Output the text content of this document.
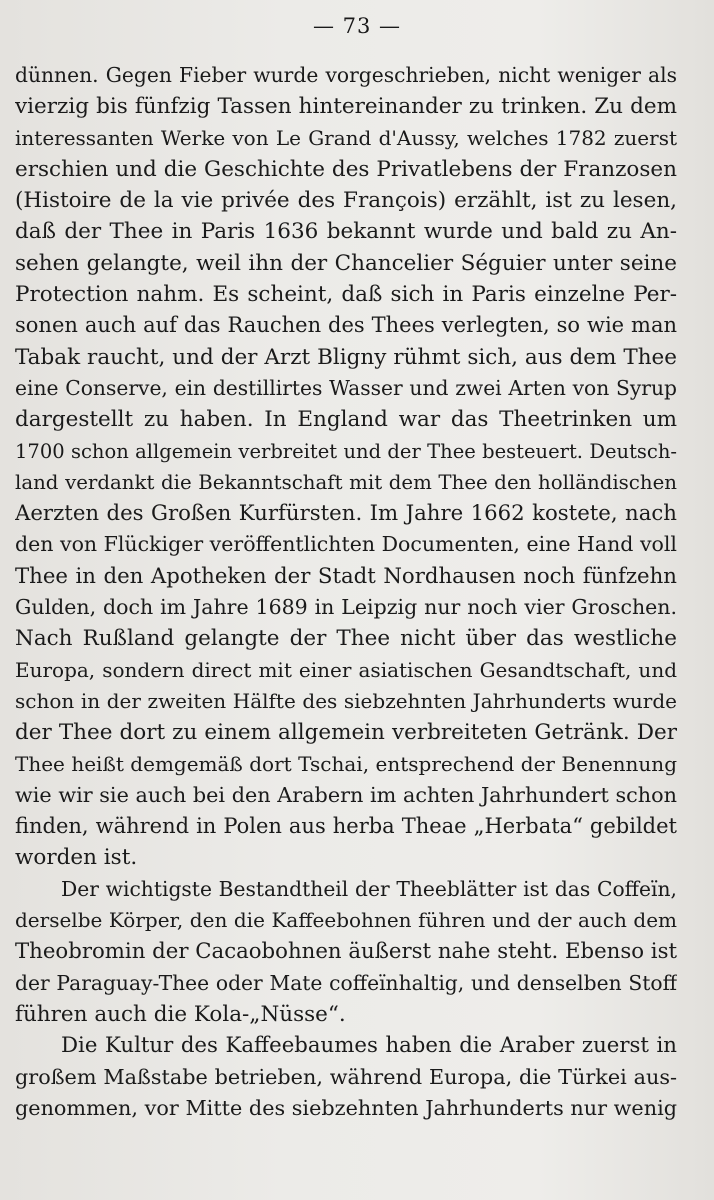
— 73 —
dünnen. Gegen Fieber wurde vorgeschrieben, nicht weniger als
vierzig bis fünfzig Tassen hintereinander zu trinken. Zu dem
interessanten Werke von Le Grand d'Aussy, welches 1782 zuerst
erschien und die Geschichte des Privatlebens der Franzosen
(Histoire de la vie privée des François) erzählt, ist zu lesen,
daß der Thee in Paris 1636 bekannt wurde und bald zu An-
sehen gelangte, weil ihn der Chancelier Séguier unter seine
Protection nahm. Es scheint, daß sich in Paris einzelne Per-
sonen auch auf das Rauchen des Thees verlegten, so wie man
Tabak raucht, und der Arzt Bligny rühmt sich, aus dem Thee
eine Conserve, ein destillirtes Wasser und zwei Arten von Syrup
dargestellt zu haben. In England war das Theetrinken um
1700 schon allgemein verbreitet und der Thee besteuert. Deutsch-
land verdankt die Bekanntschaft mit dem Thee den holländischen
Aerzten des Großen Kurfürsten. Im Jahre 1662 kostete, nach
den von Flückiger veröffentlichten Documenten, eine Hand voll
Thee in den Apotheken der Stadt Nordhausen noch fünfzehn
Gulden, doch im Jahre 1689 in Leipzig nur noch vier Groschen.
Nach Rußland gelangte der Thee nicht über das westliche
Europa, sondern direct mit einer asiatischen Gesandtschaft, und
schon in der zweiten Hälfte des siebzehnten Jahrhunderts wurde
der Thee dort zu einem allgemein verbreiteten Getränk. Der
Thee heißt demgemäß dort Tschai, entsprechend der Benennung
wie wir sie auch bei den Arabern im achten Jahrhundert schon
finden, während in Polen aus herba Theae „Herbata“ gebildet
worden ist.
Der wichtigste Bestandtheil der Theeblätter ist das Coffeïn,
derselbe Körper, den die Kaffeebohnen führen und der auch dem
Theobromin der Cacaobohnen äußerst nahe steht. Ebenso ist
der Paraguay-Thee oder Mate coffeïnhaltig, und denselben Stoff
führen auch die Kola-„Nüsse“.
Die Kultur des Kaffeebaumes haben die Araber zuerst in
großem Maßstabe betrieben, während Europa, die Türkei aus-
genommen, vor Mitte des siebzehnten Jahrhunderts nur wenig
